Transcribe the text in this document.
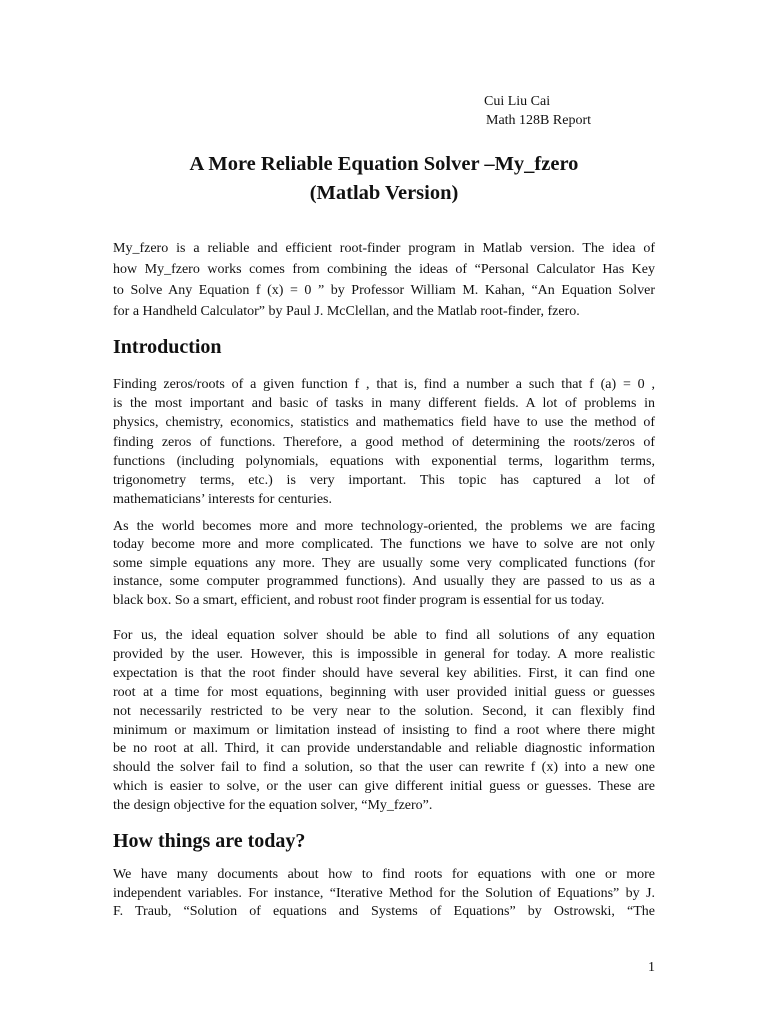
Cui Liu Cai
Math 128B Report
A More Reliable Equation Solver –My_fzero
(Matlab Version)
My_fzero is a reliable and efficient root-finder program in Matlab version. The idea of
how My_fzero works comes from combining the ideas of “Personal Calculator Has Key
to Solve Any Equation f (x) = 0 ” by Professor William M. Kahan, “An Equation Solver
for a Handheld Calculator” by Paul J. McClellan, and the Matlab root-finder, fzero.
Introduction
Finding zeros/roots of a given function f , that is, find a number a such that f (a) = 0 ,
is the most important and basic of tasks in many different fields. A lot of problems in
physics, chemistry, economics, statistics and mathematics field have to use the method of
finding zeros of functions. Therefore, a good method of determining the roots/zeros of
functions (including polynomials, equations with exponential terms, logarithm terms,
trigonometry terms, etc.) is very important. This topic has captured a lot of
mathematicians’ interests for centuries.
As the world becomes more and more technology-oriented, the problems we are facing
today become more and more complicated. The functions we have to solve are not only
some simple equations any more. They are usually some very complicated functions (for
instance, some computer programmed functions). And usually they are passed to us as a
black box. So a smart, efficient, and robust root finder program is essential for us today.
For us, the ideal equation solver should be able to find all solutions of any equation
provided by the user. However, this is impossible in general for today. A more realistic
expectation is that the root finder should have several key abilities. First, it can find one
root at a time for most equations, beginning with user provided initial guess or guesses
not necessarily restricted to be very near to the solution. Second, it can flexibly find
minimum or maximum or limitation instead of insisting to find a root where there might
be no root at all. Third, it can provide understandable and reliable diagnostic information
should the solver fail to find a solution, so that the user can rewrite f (x) into a new one
which is easier to solve, or the user can give different initial guess or guesses. These are
the design objective for the equation solver, “My_fzero”.
How things are today?
We have many documents about how to find roots for equations with one or more
independent variables. For instance, “Iterative Method for the Solution of Equations” by J.
F. Traub, “Solution of equations and Systems of Equations” by Ostrowski, “The
1
